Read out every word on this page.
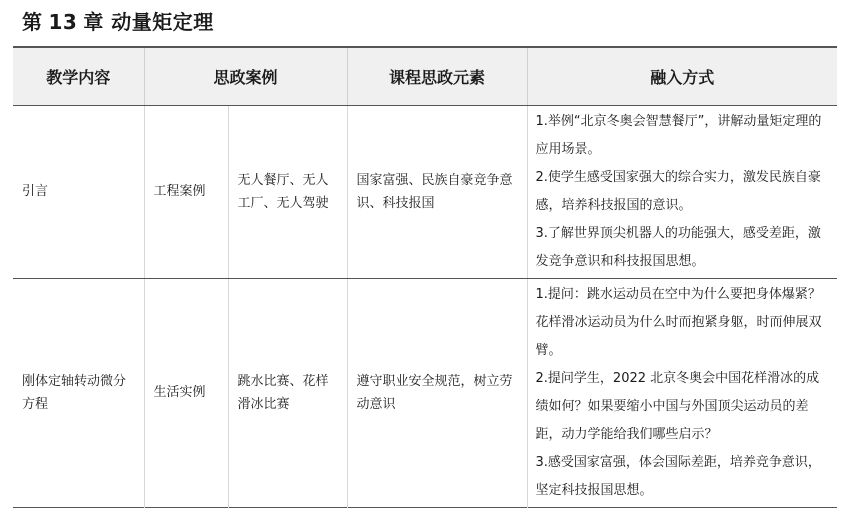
第 13 章 动量矩定理
教学内容	思政案例		课程思政元素	融入方式
引言	工程案例	无人餐厅、无人工厂、无人驾驶	国家富强、民族自豪竞争意识、科技报国	1.举例“北京冬奥会智慧餐厅”，讲解动量矩定理的应用场景。
2.使学生感受国家强大的综合实力，激发民族自豪感，培养科技报国的意识。
3.了解世界顶尖机器人的功能强大，感受差距，激发竞争意识和科技报国思想。

刚体定轴转动微分方程	生活实例	跳水比赛、花样滑冰比赛	遵守职业安全规范，树立劳动意识	1.提问：跳水运动员在空中为什么要把身体爆紧？花样滑冰运动员为什么时而抱紧身躯，时而伸展双臂。
2.提问学生，2022 北京冬奥会中国花样滑冰的成绩如何？如果要缩小中国与外国顶尖运动员的差距，动力学能给我们哪些启示？
3.感受国家富强，体会国际差距，培养竞争意识，坚定科技报国思想。
